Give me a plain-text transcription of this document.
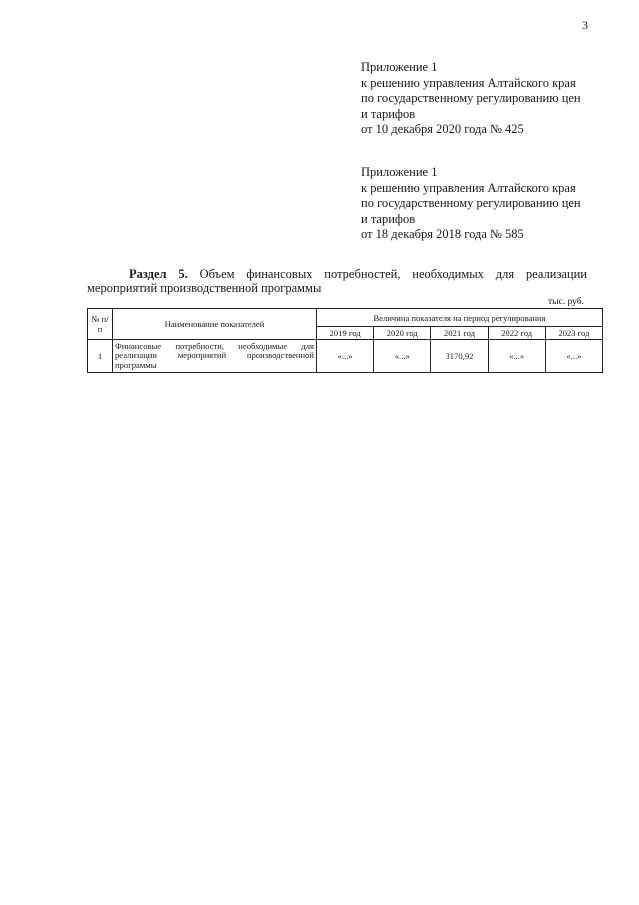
3
Приложение 1
к решению управления Алтайского края
по государственному регулированию цен
и тарифов
от 10 декабря 2020 года № 425
Приложение 1
к решению управления Алтайского края
по государственному регулированию цен
и тарифов
от 18 декабря 2018 года № 585
Раздел 5. Объем финансовых потребностей, необходимых для реализации
мероприятий производственной программы
тыс. руб.
№ п/п	Наименование показателей	Величина показателя на период регулирования				
		2019 год	2020 год	2021 год	2022 год	2023 год
1	Финансовые потребности, необходимые для реализации мероприятий производственной программы	«...»	«...»	3170,92	«...»	«...»
